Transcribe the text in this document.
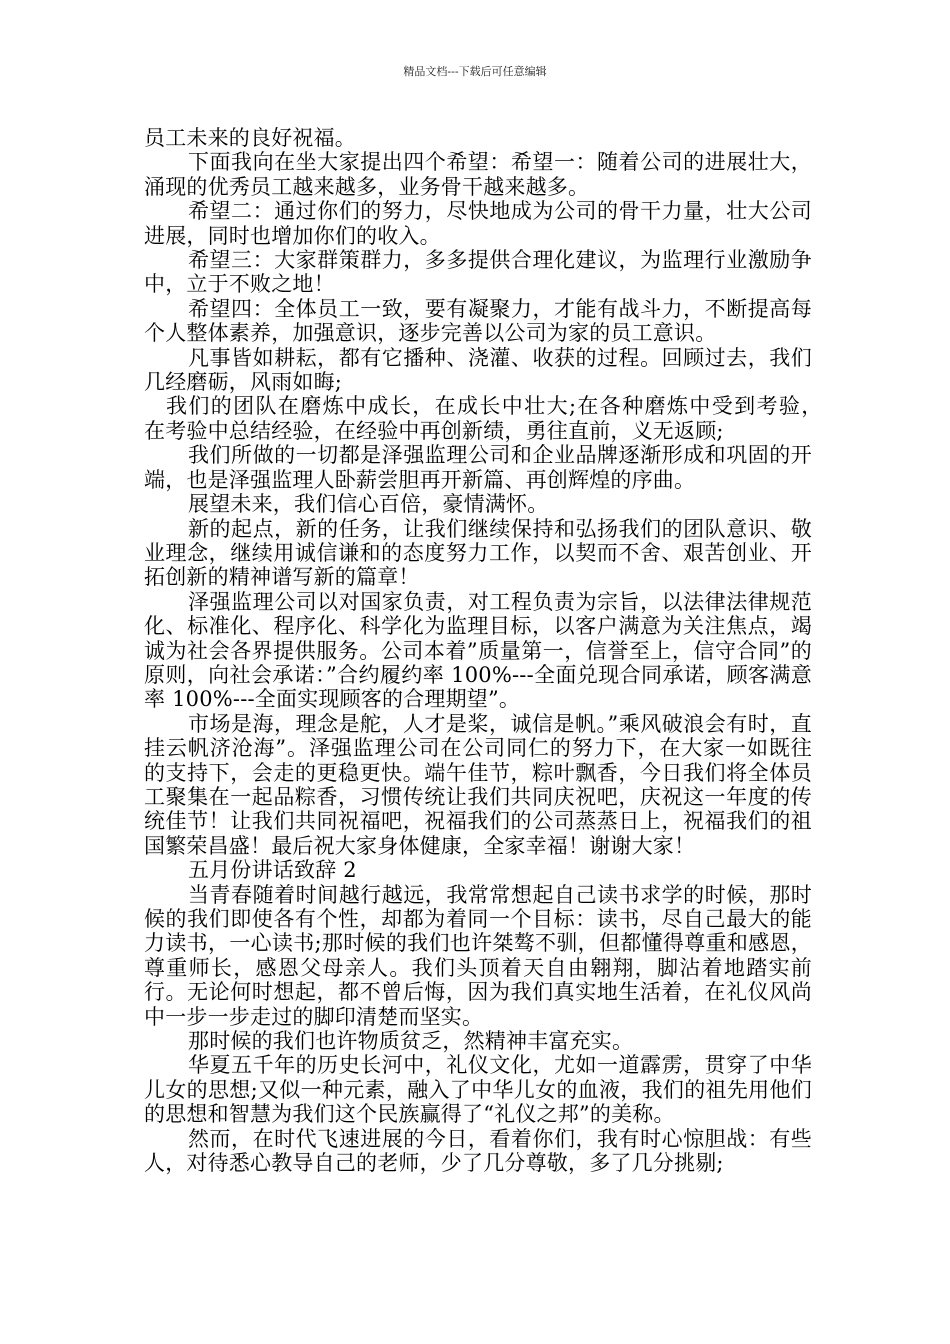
精品文档---下载后可任意编辑

员工未来的良好祝福。

下面我向在坐大家提出四个希望：希望一：随着公司的进展壮大，涌现的优秀员工越来越多，业务骨干越来越多。

希望二：通过你们的努力，尽快地成为公司的骨干力量，壮大公司进展，同时也增加你们的收入。

希望三：大家群策群力，多多提供合理化建议，为监理行业激励争中，立于不败之地！

希望四：全体员工一致，要有凝聚力，才能有战斗力，不断提高每个人整体素养，加强意识，逐步完善以公司为家的员工意识。

凡事皆如耕耘，都有它播种、浇灌、收获的过程。回顾过去，我们几经磨砺，风雨如晦;

我们的团队在磨炼中成长，在成长中壮大;在各种磨炼中受到考验，　在考验中总结经验，在经验中再创新绩，勇往直前，义无返顾;

我们所做的一切都是泽强监理公司和企业品牌逐渐形成和巩固的开端，也是泽强监理人卧薪尝胆再开新篇、再创辉煌的序曲。

展望未来，我们信心百倍，豪情满怀。

新的起点，新的任务，让我们继续保持和弘扬我们的团队意识、敬业理念，继续用诚信谦和的态度努力工作，以契而不舍、艰苦创业、开拓创新的精神谱写新的篇章！

泽强监理公司以对国家负责，对工程负责为宗旨，以法律法律规范化、标准化、程序化、科学化为监理目标，以客户满意为关注焦点，竭诚为社会各界提供服务。公司本着”质量第一，信誉至上，信守合同”的原则，向社会承诺：”合约履约率 100%---全面兑现合同承诺，顾客满意率 100%---全面实现顾客的合理期望”。

市场是海，理念是舵，人才是桨，诚信是帆。”乘风破浪会有时，直挂云帆济沧海”。泽强监理公司在公司同仁的努力下，在大家一如既往的支持下，会走的更稳更快。端午佳节，粽叶飘香，今日我们将全体员工聚集在一起品粽香，习惯传统让我们共同庆祝吧，庆祝这一年度的传统佳节！让我们共同祝福吧，祝福我们的公司蒸蒸日上，祝福我们的祖国繁荣昌盛！最后祝大家身体健康，全家幸福！谢谢大家！

五月份讲话致辞 2

当青春随着时间越行越远，我常常想起自己读书求学的时候，那时候的我们即使各有个性，却都为着同一个目标：读书，尽自己最大的能力读书，一心读书;那时候的我们也许桀骜不驯，但都懂得尊重和感恩，尊重师长，感恩父母亲人。我们头顶着天自由翱翔，脚沾着地踏实前行。无论何时想起，都不曾后悔，因为我们真实地生活着，在礼仪风尚中一步一步走过的脚印清楚而坚实。

那时候的我们也许物质贫乏，然精神丰富充实。

华夏五千年的历史长河中，礼仪文化，尤如一道霹雳，贯穿了中华儿女的思想;又似一种元素，融入了中华儿女的血液，我们的祖先用他们的思想和智慧为我们这个民族赢得了“礼仪之邦”的美称。

然而，在时代飞速进展的今日，看着你们，我有时心惊胆战：有些人，对待悉心教导自己的老师，少了几分尊敬，多了几分挑剔;
